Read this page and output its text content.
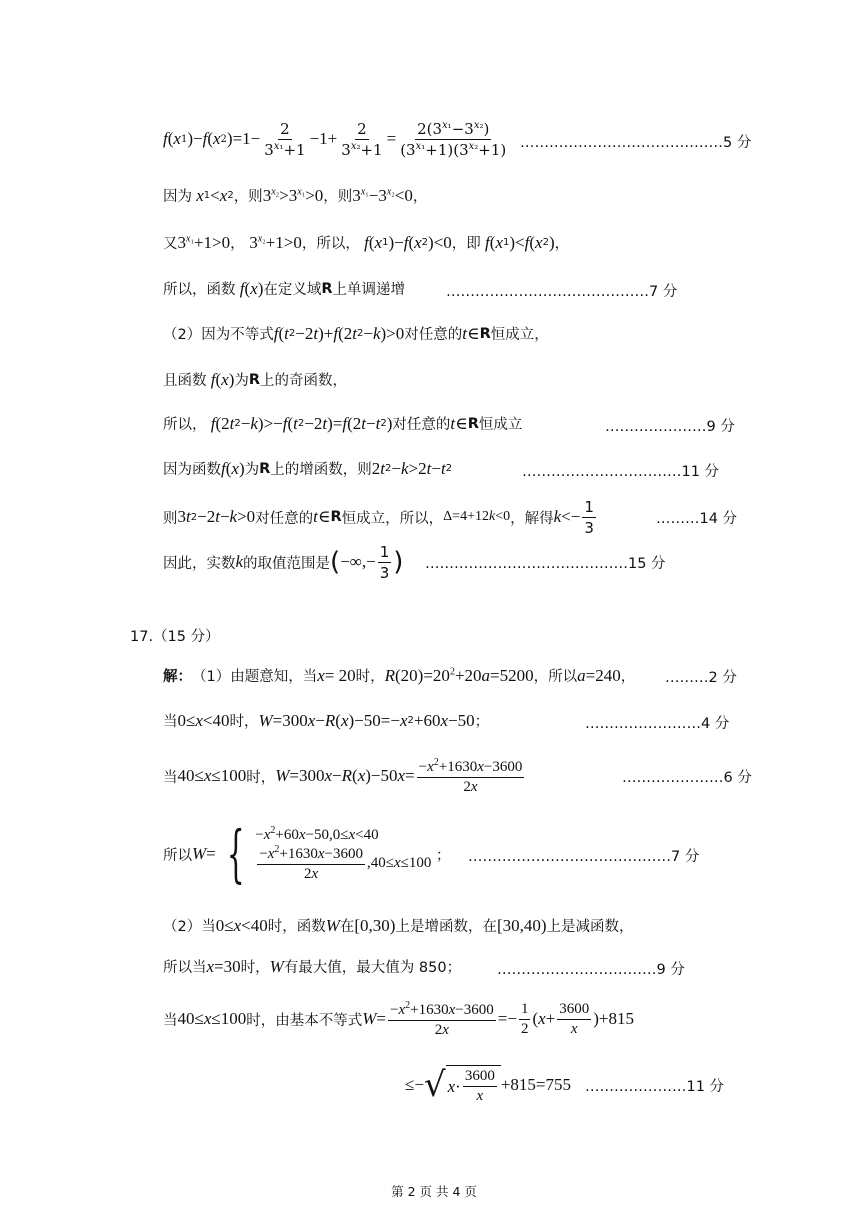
f ( x 1 )− f ( x 2 )$=1- \frac{2}{3^{x_1}+1} -1+ \frac{2}{3^{x_2}+1} = \frac{2(3^{x_1}-3^{x_2})}{(3^{x_1}+1)(3^{x_2}+1)}$ ……………………………………5 分
因为 x 1 < x 2 ，则 $3^{x_2}>3^{x_1}>0$ ，则 $3^{x_1}-3^{x_2}<0$ ，
又 $3^{x_1}+1>0$ ， $3^{x_2}+1>0$ ， 所以， f ( x 1 )− f ( x 2 )<0 ， 即 f ( x 1 )< f ( x 2 ) ，
所以，函数 f ( x ) 在定义域 R 上单调递增	……………………………………7 分
（2）因为不等式 f ( t 2 −2 t )+ f (2 t 2 − k )>0 对任意的 t ∈ R 恒成立，
且函数 f ( x ) 为 R 上的奇函数，
所以， f (2 t 2 − k )>− f ( t 2 −2 t )= f (2 t − t 2 ) 对任意的 t ∈ R 恒成立	…………………9 分
因为函数 f ( x ) 为 R 上的增函数，则 2 t 2 − k >2 t − t 2	……………………………11 分
则 3 t 2 −2 t − k >0 对任意的 t ∈ R 恒成立，所以， Δ=4+12 k <0 ，解得 $k <- \frac{1}{3}$	………14 分
因此，实数 k 的取值范围是 ( −∞,− $\frac{1}{3}$ ) ……………………………………15 分
17.（15 分）
解： （1）由题意知，当 x = 20 时， R $(20)=20^2+20$ a =5200 ，所以 a =240 ， ………2 分
当 0≤ x <40 时， W =300 x − R ( x )−50=− x 2 +60 x −50 ；	……………………4 分
当 40≤ x ≤100 时， W =300 x − R ( x )−50 $x = \frac{-x^2+1630x-3600}{2x}$	…………………6 分
所以 W = { $-x^2+60x-50,0\le x<40$
$\frac{-x^2+1630x-3600}{2x} ,40\le x\le 100$ ； ……………………………………7 分
（2）当 0≤ x <40 时，函数 W 在 [0,30) 上是增函数，在 [30,40) 上是减函数，
所以当 x =30 时， W 有最大值，最大值为 850； ……………………………9 分
当 40≤ x ≤100 时，由基本不等式 $W = \frac{-x^2+1630x-3600}{2x} =- \frac{1}{2}$ ( $x + \frac{3600}{x} )+815$
≤− √ $x \cdot \frac{3600}{x} +815=755$ …………………11 分
第 2 页 共 4 页
